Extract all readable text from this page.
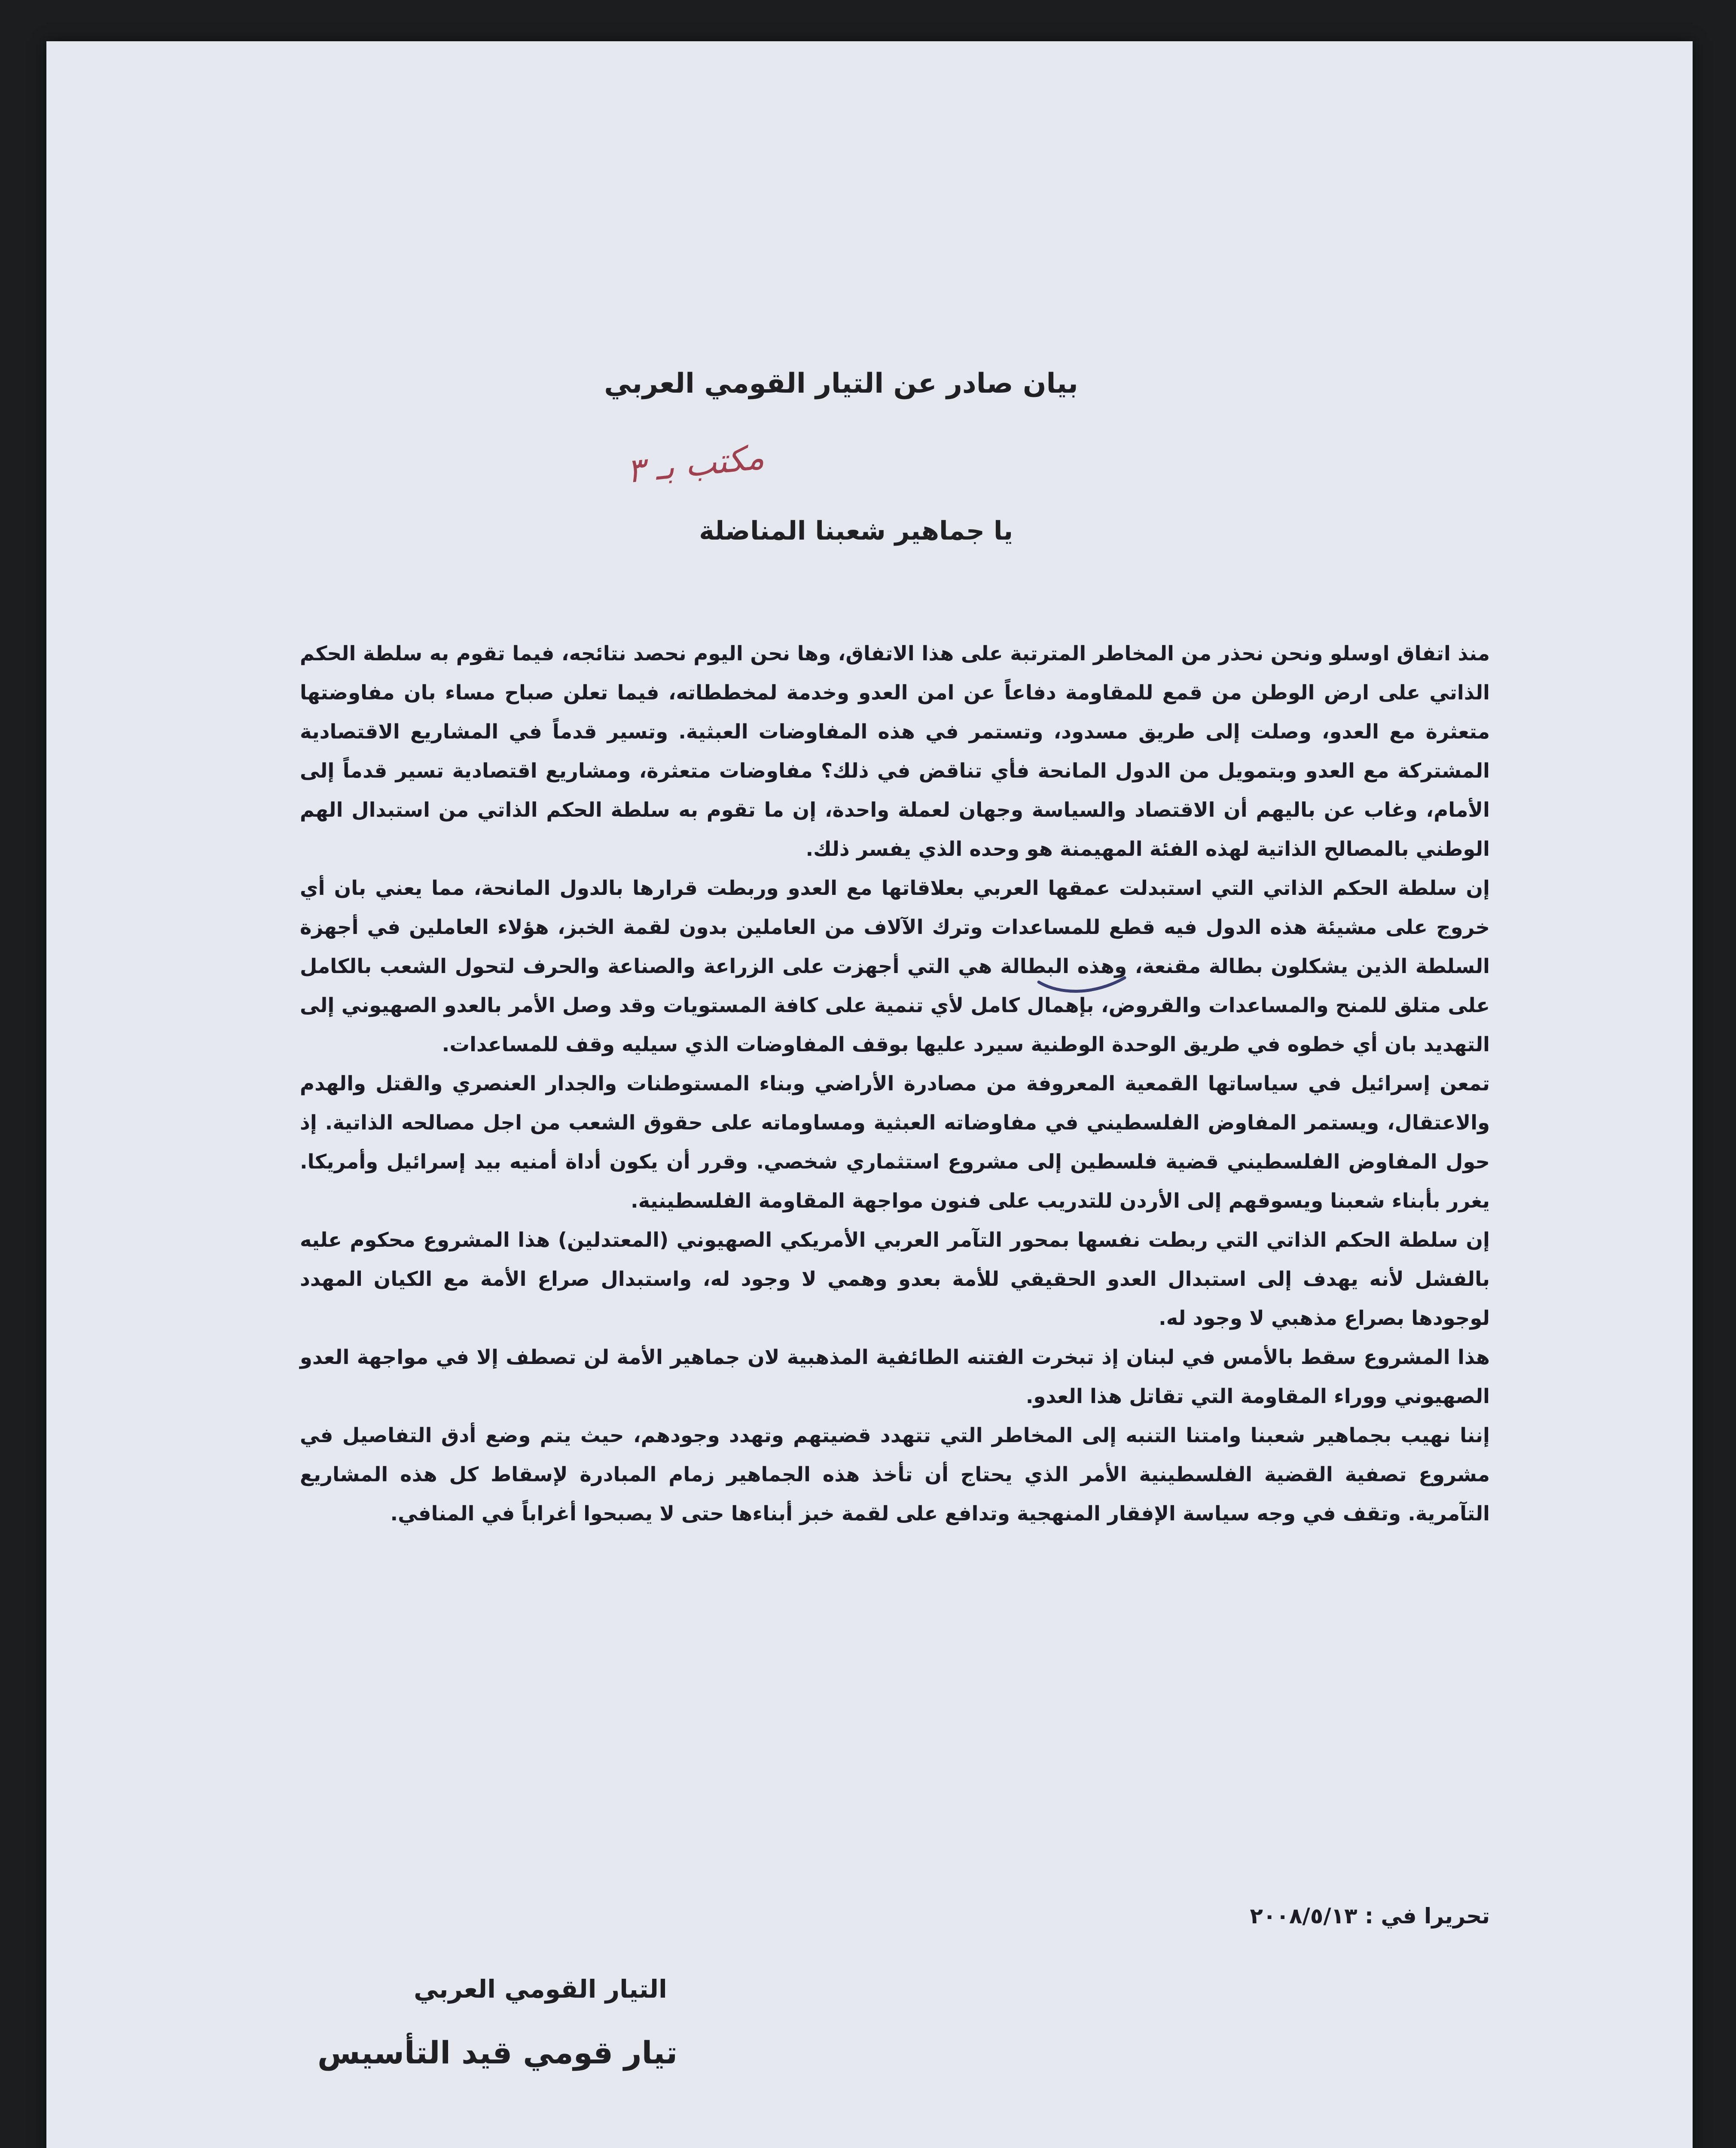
بيان صادر عن التيار القومي العربي
مكتب بـ ٣
يا جماهير شعبنا المناضلة

منذ اتفاق اوسلو ونحن نحذر من المخاطر المترتبة على هذا الاتفاق، وها نحن اليوم نحصد نتائجه، فيما تقوم به سلطة الحكم الذاتي على ارض الوطن من قمع للمقاومة دفاعاً عن امن العدو وخدمة لمخططاته، فيما تعلن صباح مساء بان مفاوضتها متعثرة مع العدو، وصلت إلى طريق مسدود، وتستمر في هذه المفاوضات العبثية. وتسير قدماً في المشاريع الاقتصادية المشتركة مع العدو وبتمويل من الدول المانحة فأي تناقض في ذلك؟ مفاوضات متعثرة، ومشاريع اقتصادية تسير قدماً إلى الأمام، وغاب عن باليهم أن الاقتصاد والسياسة وجهان لعملة واحدة، إن ما تقوم به سلطة الحكم الذاتي من استبدال الهم الوطني بالمصالح الذاتية لهذه الفئة المهيمنة هو وحده الذي يفسر ذلك.

إن سلطة الحكم الذاتي التي استبدلت عمقها العربي بعلاقاتها مع العدو وربطت قرارها بالدول المانحة، مما يعني بان أي خروج على مشيئة هذه الدول فيه قطع للمساعدات وترك الآلاف من العاملين بدون لقمة الخبز، هؤلاء العاملين في أجهزة السلطة الذين يشكلون بطالة مقنعة، وهذه البطالة هي التي أجهزت على الزراعة والصناعة والحرف لتحول الشعب بالكامل على متلق للمنح والمساعدات والقروض، بإهمال كامل لأي تنمية على كافة المستويات وقد وصل الأمر بالعدو الصهيوني إلى التهديد بان أي خطوه في طريق الوحدة الوطنية سيرد عليها بوقف المفاوضات الذي سيليه وقف للمساعدات.

تمعن إسرائيل في سياساتها القمعية المعروفة من مصادرة الأراضي وبناء المستوطنات والجدار العنصري والقتل والهدم والاعتقال، ويستمر المفاوض الفلسطيني في مفاوضاته العبثية ومساوماته على حقوق الشعب من اجل مصالحه الذاتية. إذ حول المفاوض الفلسطيني قضية فلسطين إلى مشروع استثماري شخصي. وقرر أن يكون أداة أمنيه بيد إسرائيل وأمريكا. يغرر بأبناء شعبنا ويسوقهم إلى الأردن للتدريب على فنون مواجهة المقاومة الفلسطينية.

إن سلطة الحكم الذاتي التي ربطت نفسها بمحور التآمر العربي الأمريكي الصهيوني (المعتدلين) هذا المشروع محكوم عليه بالفشل لأنه يهدف إلى استبدال العدو الحقيقي للأمة بعدو وهمي لا وجود له، واستبدال صراع الأمة مع الكيان المهدد لوجودها بصراع مذهبي لا وجود له.

هذا المشروع سقط بالأمس في لبنان إذ تبخرت الفتنه الطائفية المذهبية لان جماهير الأمة لن تصطف إلا في مواجهة العدو الصهيوني ووراء المقاومة التي تقاتل هذا العدو.

إننا نهيب بجماهير شعبنا وامتنا التنبه إلى المخاطر التي تتهدد قضيتهم وتهدد وجودهم، حيث يتم وضع أدق التفاصيل في مشروع تصفية القضية الفلسطينية الأمر الذي يحتاج أن تأخذ هذه الجماهير زمام المبادرة لإسقاط كل هذه المشاريع التآمرية. وتقف في وجه سياسة الإفقار المنهجية وتدافع على لقمة خبز أبناءها حتى لا يصبحوا أغراباً في المنافي.

تحريرا في : ٢٠٠٨/٥/١٣
التيار القومي العربي
تيار قومي قيد التأسيس
